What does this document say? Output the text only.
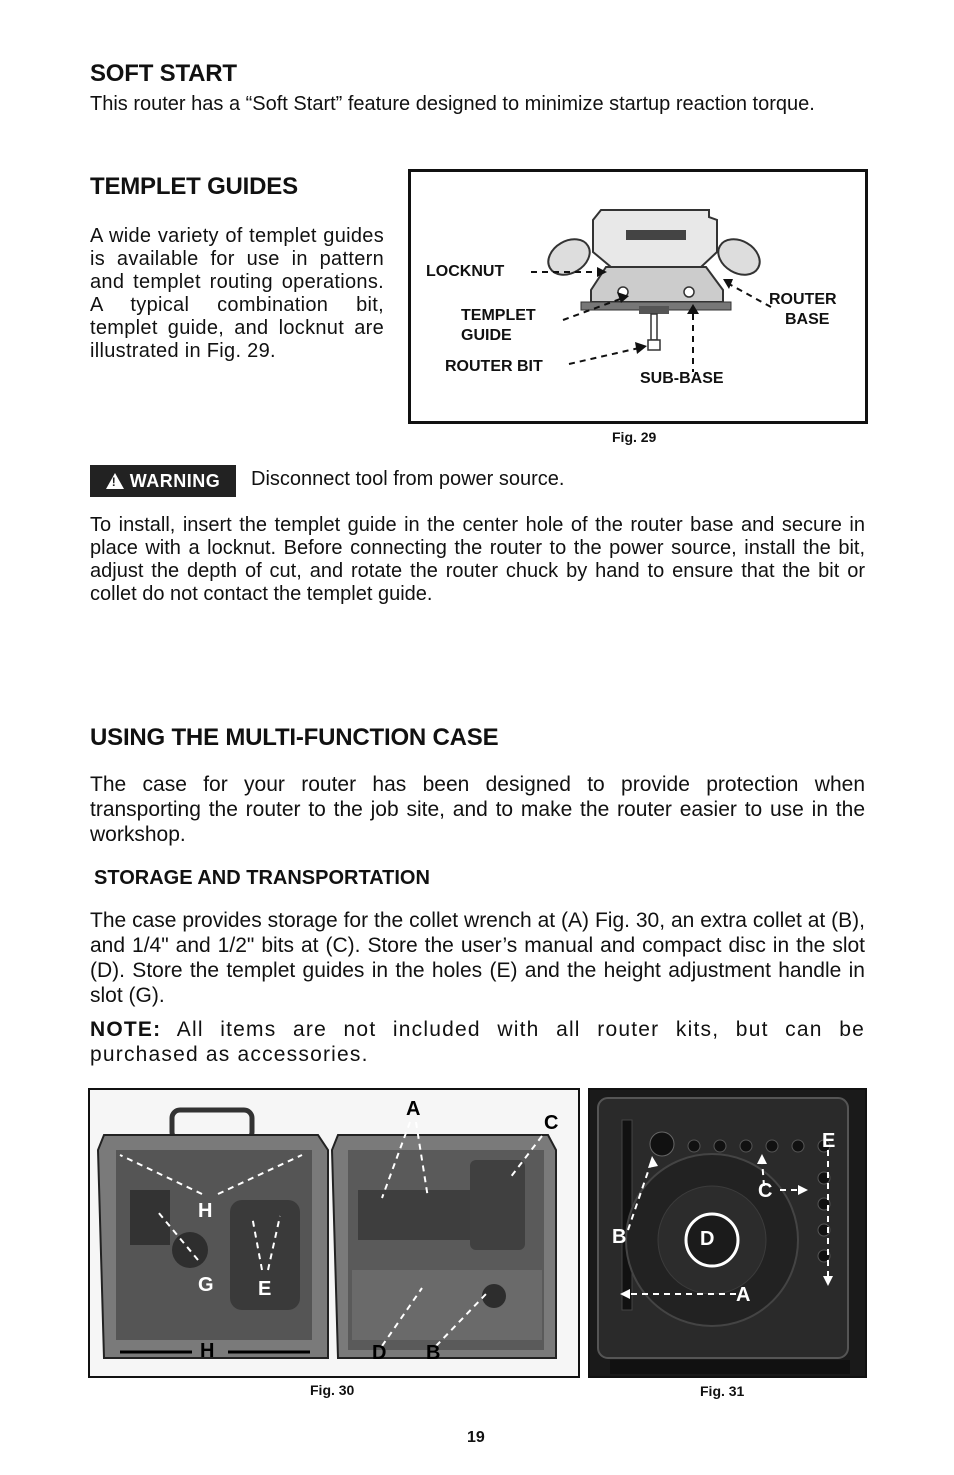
SOFT START

This router has a “Soft Start” feature designed to minimize startup reaction torque.

TEMPLET GUIDES

A wide variety of templet guides is available for use in pattern and templet routing operations. A typical combination bit, templet guide, and locknut are illustrated in Fig. 29.

LOCKNUT
TEMPLET
GUIDE
ROUTER BIT
SUB-BASE
ROUTER
BASE
Fig. 29
!
WARNING Disconnect tool from power source.

To install, insert the templet guide in the center hole of the router base and secure in place with a locknut. Before connecting the router to the power source, install the bit, adjust the depth of cut, and rotate the router chuck by hand to ensure that the bit or collet do not contact the templet guide.

USING THE MULTI-FUNCTION CASE

The case for your router has been designed to provide protection when transporting the router to the job site, and to make the router easier to use in the workshop.

STORAGE AND TRANSPORTATION

The case provides storage for the collet wrench at (A) Fig. 30, an extra collet at (B), and 1/4" and 1/2" bits at (C). Store the user’s manual and compact disc in the slot (D). Store the templet guides in the holes (E) and the height adjustment handle in slot (G).

NOTE: All items are not included with all router kits, but can be purchased as accessories.

A
C
H
G E
H	D B
Fig. 30
E
C
B	D
A
Fig. 31
19
